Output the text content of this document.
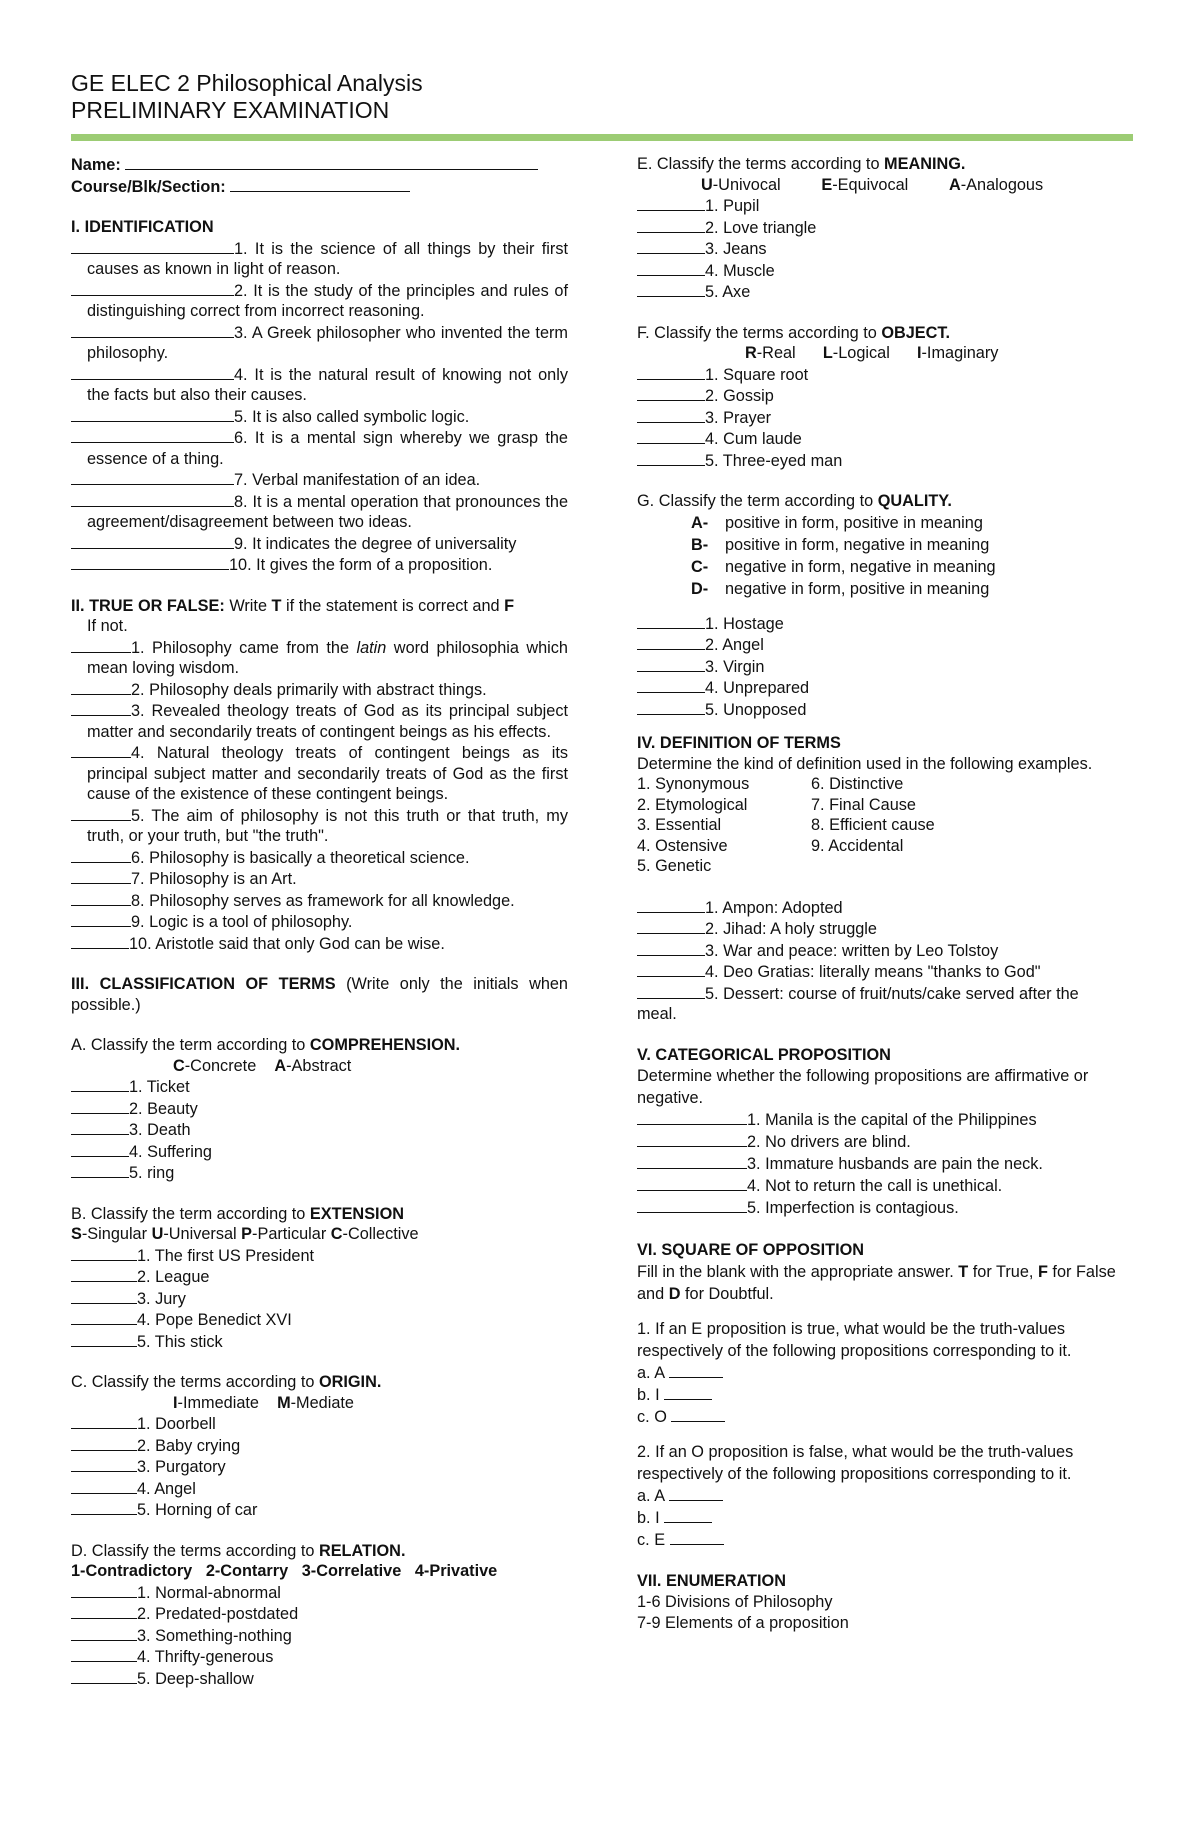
GE ELEC 2 Philosophical Analysis
PRELIMINARY EXAMINATION
Name:
Course/Blk/Section:
I. IDENTIFICATION
1. It is the science of all things by their first causes as known in light of reason.
2. It is the study of the principles and rules of distinguishing correct from incorrect reasoning.
3. A Greek philosopher who invented the term philosophy.
4. It is the natural result of knowing not only the facts but also their causes.
5. It is also called symbolic logic.
6. It is a mental sign whereby we grasp the essence of a thing.
7. Verbal manifestation of an idea.
8. It is a mental operation that pronounces the agreement/disagreement between two ideas.
9. It indicates the degree of universality
10. It gives the form of a proposition.
II. TRUE OR FALSE: Write T if the statement is correct and F
If not.
1. Philosophy came from the latin word philosophia which mean loving wisdom.
2. Philosophy deals primarily with abstract things.
3. Revealed theology treats of God as its principal subject matter and secondarily treats of contingent beings as his effects.
4. Natural theology treats of contingent beings as its principal subject matter and secondarily treats of God as the first cause of the existence of these contingent beings.
5. The aim of philosophy is not this truth or that truth, my truth, or your truth, but "the truth".
6. Philosophy is basically a theoretical science.
7. Philosophy is an Art.
8. Philosophy serves as framework for all knowledge.
9. Logic is a tool of philosophy.
10. Aristotle said that only God can be wise.
III. CLASSIFICATION OF TERMS (Write only the initials when possible.)
A. Classify the term according to COMPREHENSION.
C-Concrete A-Abstract
1. Ticket
2. Beauty
3. Death
4. Suffering
5. ring
B. Classify the term according to EXTENSION
S-Singular U-Universal P-Particular C-Collective
1. The first US President
2. League
3. Jury
4. Pope Benedict XVI
5. This stick
C. Classify the terms according to ORIGIN.
I-Immediate M-Mediate
1. Doorbell
2. Baby crying
3. Purgatory
4. Angel
5. Horning of car
D. Classify the terms according to RELATION.
1-Contradictory 2-Contarry 3-Correlative 4-Privative
1. Normal-abnormal
2. Predated-postdated
3. Something-nothing
4. Thrifty-generous
5. Deep-shallow
E. Classify the terms according to MEANING.
U-Univocal E-Equivocal A-Analogous
1. Pupil
2. Love triangle
3. Jeans
4. Muscle
5. Axe
F. Classify the terms according to OBJECT.
R-Real L-Logical I-Imaginary
1. Square root
2. Gossip
3. Prayer
4. Cum laude
5. Three-eyed man
G. Classify the term according to QUALITY.
A-	positive in form, positive in meaning
B-	positive in form, negative in meaning
C-	negative in form, negative in meaning
D-	negative in form, positive in meaning
1. Hostage
2. Angel
3. Virgin
4. Unprepared
5. Unopposed
IV. DEFINITION OF TERMS
Determine the kind of definition used in the following examples.
1. Synonymous	6. Distinctive
2. Etymological	7. Final Cause
3. Essential	8. Efficient cause
4. Ostensive	9. Accidental
5. Genetic
1. Ampon: Adopted
2. Jihad: A holy struggle
3. War and peace: written by Leo Tolstoy
4. Deo Gratias: literally means "thanks to God"
5. Dessert: course of fruit/nuts/cake served after the
meal.
V. CATEGORICAL PROPOSITION
Determine whether the following propositions are affirmative or negative.
1. Manila is the capital of the Philippines
2. No drivers are blind.
3. Immature husbands are pain the neck.
4. Not to return the call is unethical.
5. Imperfection is contagious.
VI. SQUARE OF OPPOSITION
Fill in the blank with the appropriate answer. T for True, F for False and D for Doubtful.
1. If an E proposition is true, what would be the truth-values respectively of the following propositions corresponding to it.
a. A
b. I
c. O
2. If an O proposition is false, what would be the truth-values respectively of the following propositions corresponding to it.
a. A
b. I
c. E
VII. ENUMERATION
1-6 Divisions of Philosophy
7-9 Elements of a proposition
